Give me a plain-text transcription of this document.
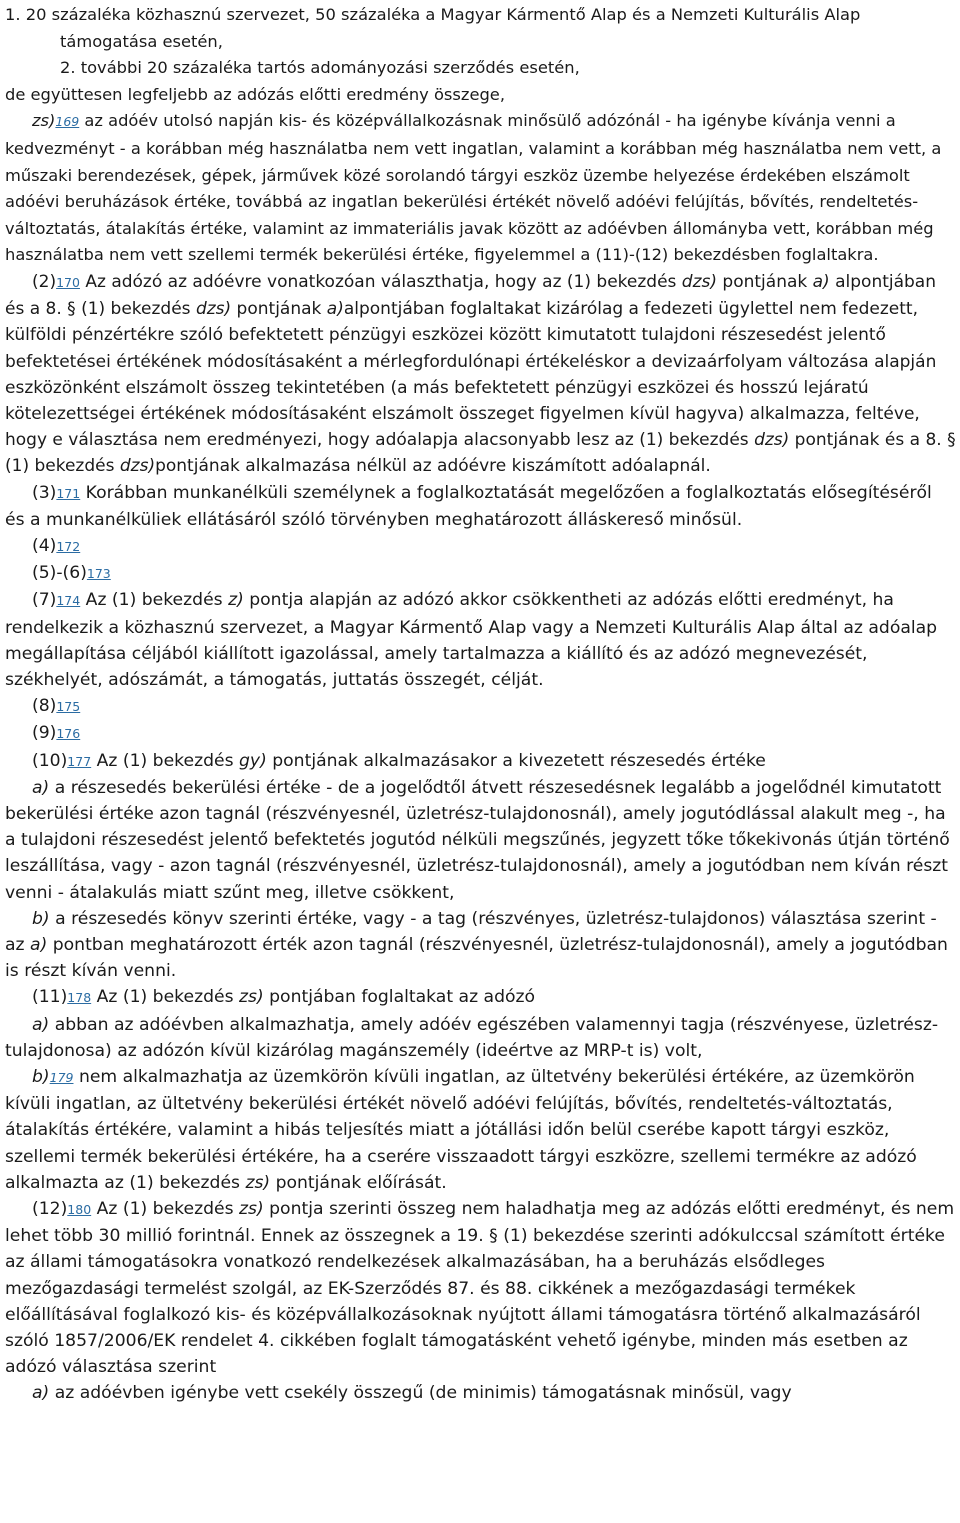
1. 20 százaléka közhasznú szervezet, 50 százaléka a Magyar Kármentő Alap és a Nemzeti Kulturális Alap támogatása esetén,

2. további 20 százaléka tartós adományozási szerződés esetén,

de együttesen legfeljebb az adózás előtti eredmény összege,

zs)169 az adóév utolsó napján kis- és középvállalkozásnak minősülő adózónál - ha igénybe kívánja venni a kedvezményt - a korábban még használatba nem vett ingatlan, valamint a korábban még használatba nem vett, a műszaki berendezések, gépek, járművek közé sorolandó tárgyi eszköz üzembe helyezése érdekében elszámolt adóévi beruházások értéke, továbbá az ingatlan bekerülési értékét növelő adóévi felújítás, bővítés, rendeltetés-változtatás, átalakítás értéke, valamint az immateriális javak között az adóévben állományba vett, korábban még használatba nem vett szellemi termék bekerülési értéke, figyelemmel a (11)-(12) bekezdésben foglaltakra.

(2)170 Az adózó az adóévre vonatkozóan választhatja, hogy az (1) bekezdés dzs) pontjának a) alpontjában és a 8. § (1) bekezdés dzs) pontjának a)alpontjában foglaltakat kizárólag a fedezeti ügylettel nem fedezett, külföldi pénzértékre szóló befektetett pénzügyi eszközei között kimutatott tulajdoni részesedést jelentő befektetései értékének módosításaként a mérlegfordulónapi értékeléskor a devizaárfolyam változása alapján eszközönként elszámolt összeg tekintetében (a más befektetett pénzügyi eszközei és hosszú lejáratú kötelezettségei értékének módosításaként elszámolt összeget figyelmen kívül hagyva) alkalmazza, feltéve, hogy e választása nem eredményezi, hogy adóalapja alacsonyabb lesz az (1) bekezdés dzs) pontjának és a 8. § (1) bekezdés dzs)pontjának alkalmazása nélkül az adóévre kiszámított adóalapnál.

(3)171 Korábban munkanélküli személynek a foglalkoztatását megelőzően a foglalkoztatás elősegítéséről és a munkanélküliek ellátásáról szóló törvényben meghatározott álláskereső minősül.

(4)172

(5)-(6)173

(7)174 Az (1) bekezdés z) pontja alapján az adózó akkor csökkentheti az adózás előtti eredményt, ha rendelkezik a közhasznú szervezet, a Magyar Kármentő Alap vagy a Nemzeti Kulturális Alap által az adóalap megállapítása céljából kiállított igazolással, amely tartalmazza a kiállító és az adózó megnevezését, székhelyét, adószámát, a támogatás, juttatás összegét, célját.

(8)175

(9)176

(10)177 Az (1) bekezdés gy) pontjának alkalmazásakor a kivezetett részesedés értéke

a) a részesedés bekerülési értéke - de a jogelődtől átvett részesedésnek legalább a jogelődnél kimutatott bekerülési értéke azon tagnál (részvényesnél, üzletrész-tulajdonosnál), amely jogutódlással alakult meg -, ha a tulajdoni részesedést jelentő befektetés jogutód nélküli megszűnés, jegyzett tőke tőkekivonás útján történő leszállítása, vagy - azon tagnál (részvényesnél, üzletrész-tulajdonosnál), amely a jogutódban nem kíván részt venni - átalakulás miatt szűnt meg, illetve csökkent,

b) a részesedés könyv szerinti értéke, vagy - a tag (részvényes, üzletrész-tulajdonos) választása szerint - az a) pontban meghatározott érték azon tagnál (részvényesnél, üzletrész-tulajdonosnál), amely a jogutódban is részt kíván venni.

(11)178 Az (1) bekezdés zs) pontjában foglaltakat az adózó

a) abban az adóévben alkalmazhatja, amely adóév egészében valamennyi tagja (részvényese, üzletrész-tulajdonosa) az adózón kívül kizárólag magánszemély (ideértve az MRP-t is) volt,

b)179 nem alkalmazhatja az üzemkörön kívüli ingatlan, az ültetvény bekerülési értékére, az üzemkörön kívüli ingatlan, az ültetvény bekerülési értékét növelő adóévi felújítás, bővítés, rendeltetés-változtatás, átalakítás értékére, valamint a hibás teljesítés miatt a jótállási időn belül cserébe kapott tárgyi eszköz, szellemi termék bekerülési értékére, ha a cserére visszaadott tárgyi eszközre, szellemi termékre az adózó alkalmazta az (1) bekezdés zs) pontjának előírását.

(12)180 Az (1) bekezdés zs) pontja szerinti összeg nem haladhatja meg az adózás előtti eredményt, és nem lehet több 30 millió forintnál. Ennek az összegnek a 19. § (1) bekezdése szerinti adókulccsal számított értéke az állami támogatásokra vonatkozó rendelkezések alkalmazásában, ha a beruházás elsődleges mezőgazdasági termelést szolgál, az EK-Szerződés 87. és 88. cikkének a mezőgazdasági termékek előállításával foglalkozó kis- és középvállalkozásoknak nyújtott állami támogatásra történő alkalmazásáról szóló 1857/2006/EK rendelet 4. cikkében foglalt támogatásként vehető igénybe, minden más esetben az adózó választása szerint

a) az adóévben igénybe vett csekély összegű (de minimis) támogatásnak minősül, vagy
